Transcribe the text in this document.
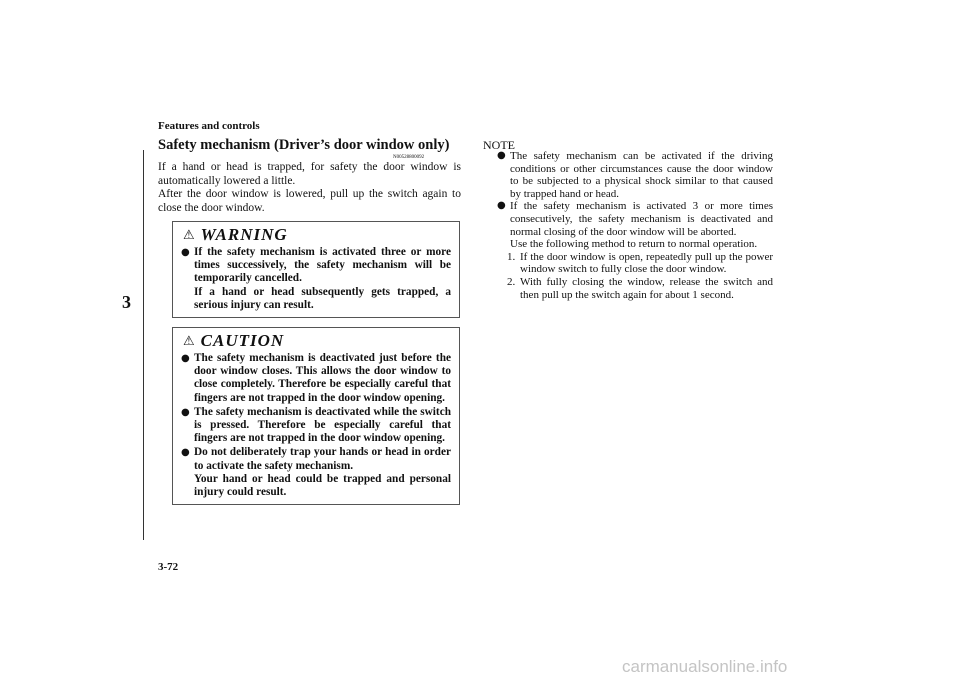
Features and controls
3
Safety mechanism (Driver’s door window only)
N00528800092

If a hand or head is trapped, for safety the door window is automatically lowered a little.

After the door window is lowered, pull up the switch again to close the door window.

⚠ WARNING
● If the safety mechanism is activated three or more times successively, the safety mechanism will be temporarily cancelled.
If a hand or head subsequently gets trapped, a serious injury can result.
⚠ CAUTION
● The safety mechanism is deactivated just before the door window closes. This allows the door window to close completely. Therefore be especially careful that fingers are not trapped in the door window opening.
● The safety mechanism is deactivated while the switch is pressed. Therefore be especially careful that fingers are not trapped in the door window opening.
● Do not deliberately trap your hands or head in order to activate the safety mechanism.
Your hand or head could be trapped and personal injury could result.
NOTE
● The safety mechanism can be activated if the driving conditions or other circumstances cause the door window to be subjected to a physical shock similar to that caused by trapped hand or head.
● If the safety mechanism is activated 3 or more times consecutively, the safety mechanism is deactivated and normal closing of the door window will be aborted.
Use the following method to return to normal operation.
1. If the door window is open, repeatedly pull up the power window switch to fully close the door window.
2. With fully closing the window, release the switch and then pull up the switch again for about 1 second.
3-72
carmanualsonline.info
